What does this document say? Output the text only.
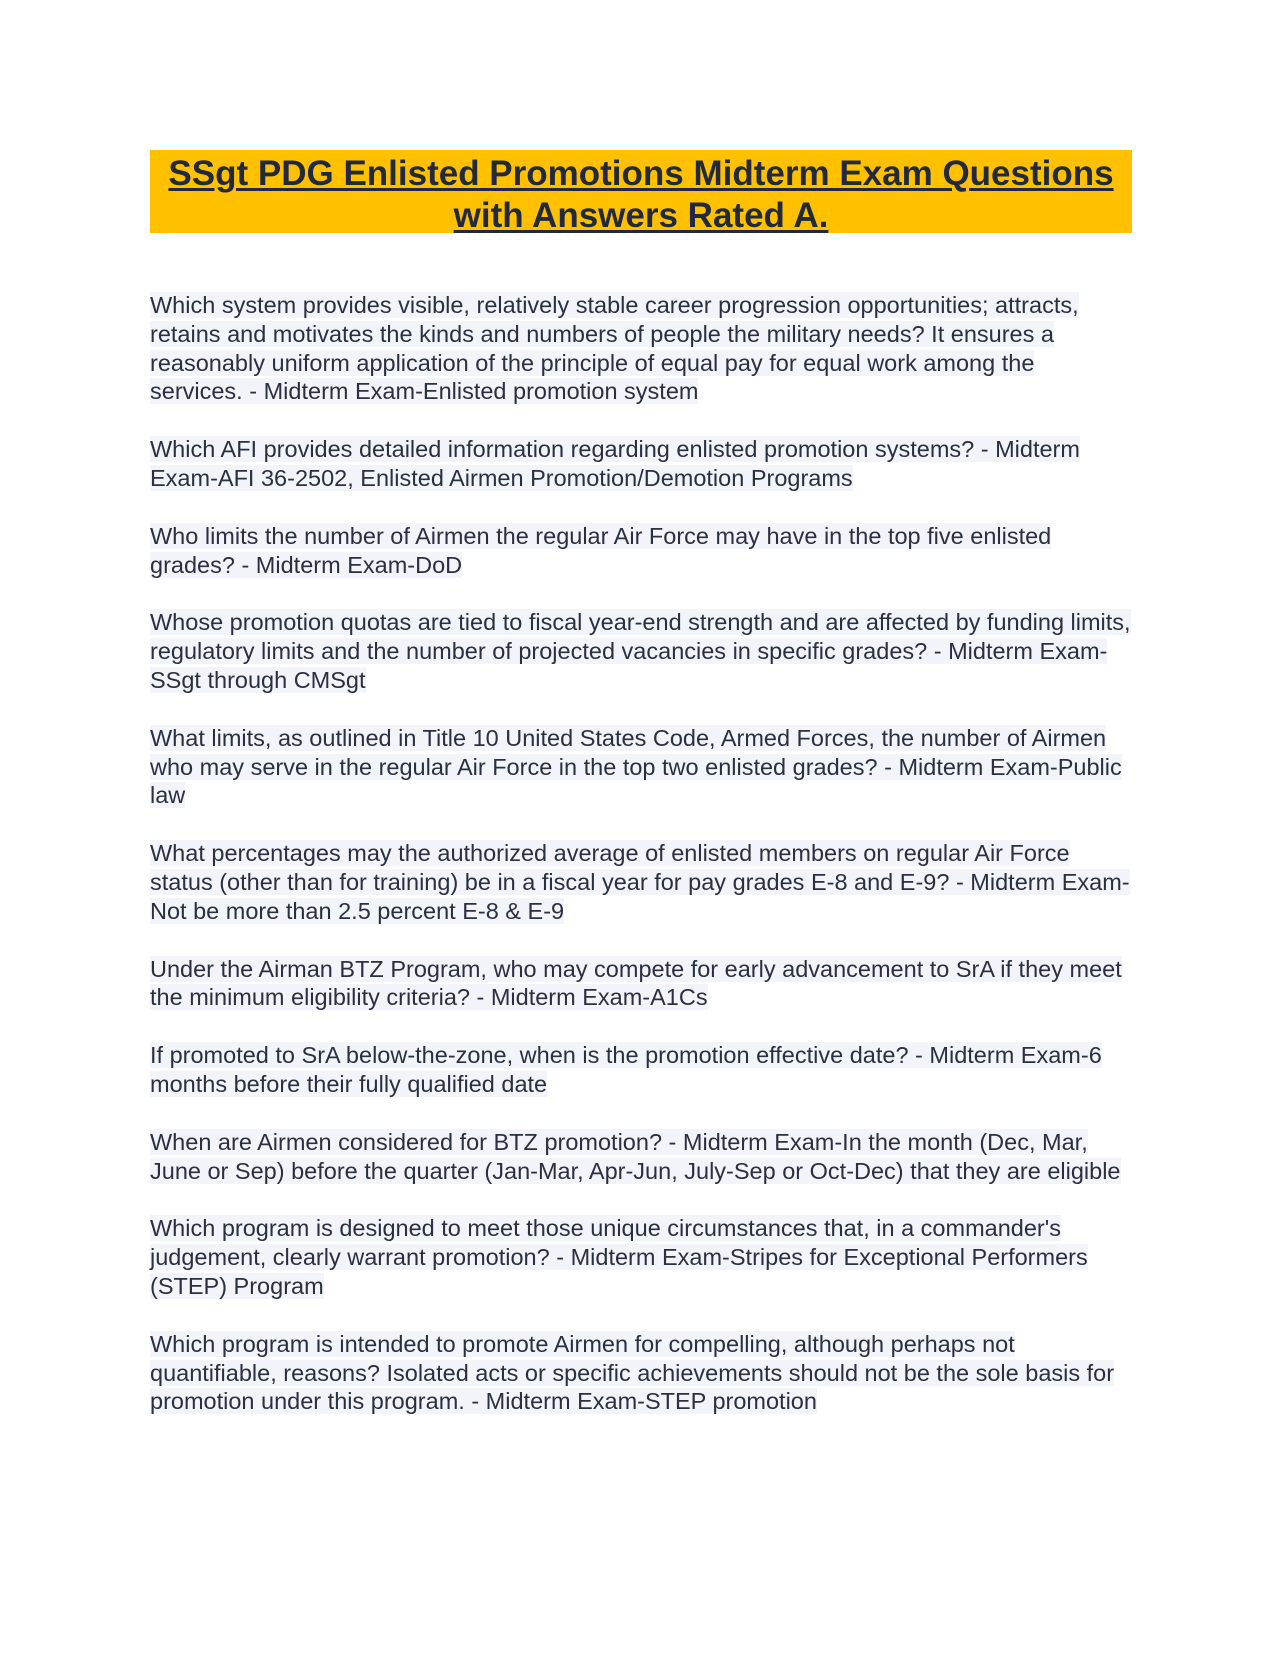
SSgt PDG Enlisted Promotions Midterm Exam Questions with Answers Rated A.

Which system provides visible, relatively stable career progression opportunities; attracts, retains and motivates the kinds and numbers of people the military needs? It ensures a reasonably uniform application of the principle of equal pay for equal work among the services. - Midterm Exam-Enlisted promotion system

Which AFI provides detailed information regarding enlisted promotion systems? - Midterm Exam-AFI 36-2502, Enlisted Airmen Promotion/Demotion Programs

Who limits the number of Airmen the regular Air Force may have in the top five enlisted grades? - Midterm Exam-DoD

Whose promotion quotas are tied to fiscal year-end strength and are affected by funding limits, regulatory limits and the number of projected vacancies in specific grades? - Midterm Exam-SSgt through CMSgt

What limits, as outlined in Title 10 United States Code, Armed Forces, the number of Airmen who may serve in the regular Air Force in the top two enlisted grades? - Midterm Exam-Public law

What percentages may the authorized average of enlisted members on regular Air Force status (other than for training) be in a fiscal year for pay grades E-8 and E-9? - Midterm Exam-Not be more than 2.5 percent E-8 & E-9

Under the Airman BTZ Program, who may compete for early advancement to SrA if they meet the minimum eligibility criteria? - Midterm Exam-A1Cs

If promoted to SrA below-the-zone, when is the promotion effective date? - Midterm Exam-6 months before their fully qualified date

When are Airmen considered for BTZ promotion? - Midterm Exam-In the month (Dec, Mar, June or Sep) before the quarter (Jan-Mar, Apr-Jun, July-Sep or Oct-Dec) that they are eligible

Which program is designed to meet those unique circumstances that, in a commander's judgement, clearly warrant promotion? - Midterm Exam-Stripes for Exceptional Performers (STEP) Program

Which program is intended to promote Airmen for compelling, although perhaps not quantifiable, reasons? Isolated acts or specific achievements should not be the sole basis for promotion under this program. - Midterm Exam-STEP promotion
